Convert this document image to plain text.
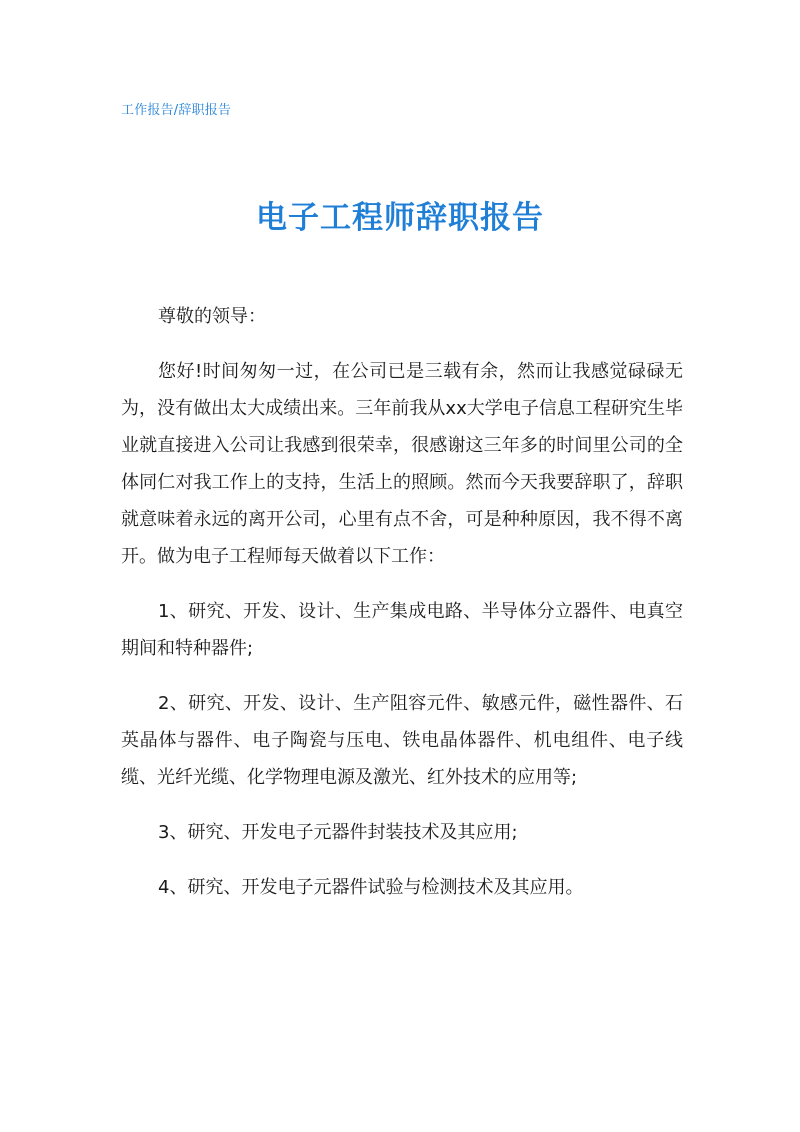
工作报告/辞职报告
电子工程师辞职报告

尊敬的领导：

您好!时间匆匆一过，在公司已是三载有余，然而让我感觉碌碌无为，没有做出太大成绩出来。三年前我从xx大学电子信息工程研究生毕业就直接进入公司让我感到很荣幸，很感谢这三年多的时间里公司的全体同仁对我工作上的支持，生活上的照顾。然而今天我要辞职了，辞职就意味着永远的离开公司，心里有点不舍，可是种种原因，我不得不离开。做为电子工程师每天做着以下工作：

1、研究、开发、设计、生产集成电路、半导体分立器件、电真空期间和特种器件;

2、研究、开发、设计、生产阻容元件、敏感元件，磁性器件、石英晶体与器件、电子陶瓷与压电、铁电晶体器件、机电组件、电子线缆、光纤光缆、化学物理电源及激光、红外技术的应用等;

3、研究、开发电子元器件封装技术及其应用;

4、研究、开发电子元器件试验与检测技术及其应用。
